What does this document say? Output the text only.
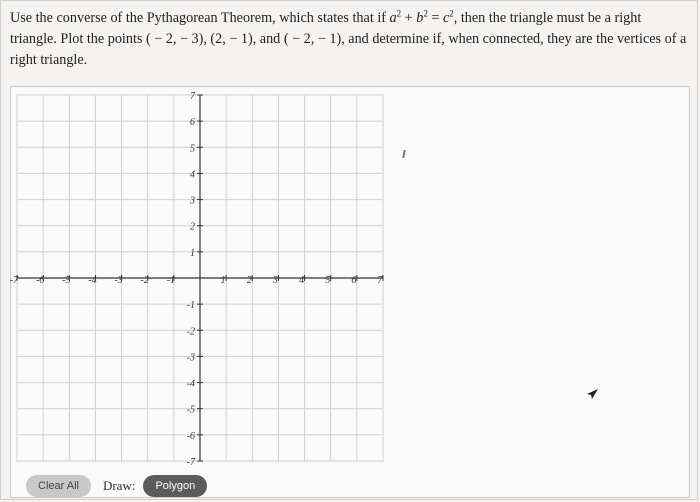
Use the converse of the Pythagorean Theorem, which states that if $a^2 + b^2 = c^2$, then the triangle must be a right triangle. Plot the points ( − 2, − 3), (2, − 1), and ( − 2, − 1), and determine if, when connected, they are the vertices of a right triangle.
-7 -6 -5 -4 -3 -2 -1	1 2 3 4 5 6 7
7
6
5
4
3
2
1
-1
-2
-3
-4
-5
-6
-7
Clear All	Draw:	Polygon
